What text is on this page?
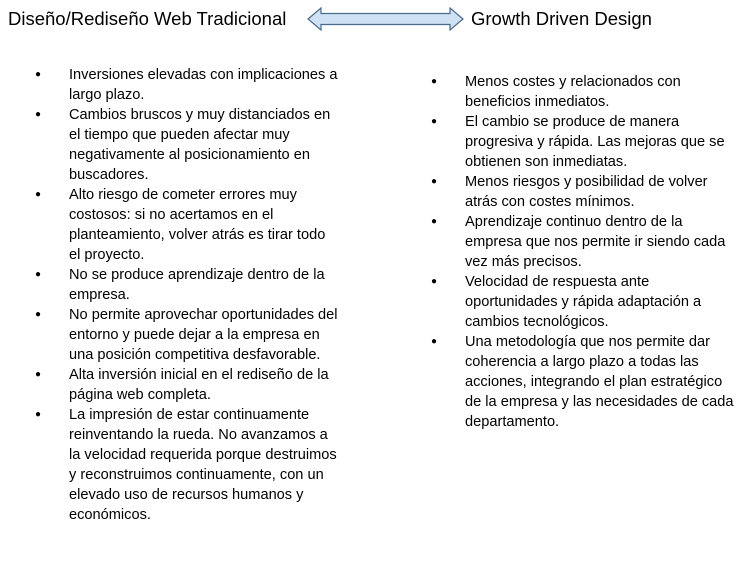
Diseño/Rediseño Web Tradicional	Growth Driven Design
● Inversiones elevadas con implicaciones a largo plazo.
● Cambios bruscos y muy distanciados en el tiempo que pueden afectar muy negativamente al posicionamiento en buscadores.
● Alto riesgo de cometer errores muy costosos: si no acertamos en el planteamiento, volver atrás es tirar todo el proyecto.
● No se produce aprendizaje dentro de la empresa.
● No permite aprovechar oportunidades del entorno y puede dejar a la empresa en una posición competitiva desfavorable.
● Alta inversión inicial en el rediseño de la página web completa.
● La impresión de estar continuamente reinventando la rueda. No avanzamos a la velocidad requerida porque destruimos y reconstruimos continuamente, con un elevado uso de recursos humanos y económicos.
● Menos costes y relacionados con beneficios inmediatos.
● El cambio se produce de manera progresiva y rápida. Las mejoras que se obtienen son inmediatas.
● Menos riesgos y posibilidad de volver atrás con costes mínimos.
● Aprendizaje continuo dentro de la empresa que nos permite ir siendo cada vez más precisos.
● Velocidad de respuesta ante oportunidades y rápida adaptación a cambios tecnológicos.
● Una metodología que nos permite dar coherencia a largo plazo a todas las acciones, integrando el plan estratégico de la empresa y las necesidades de cada departamento.
